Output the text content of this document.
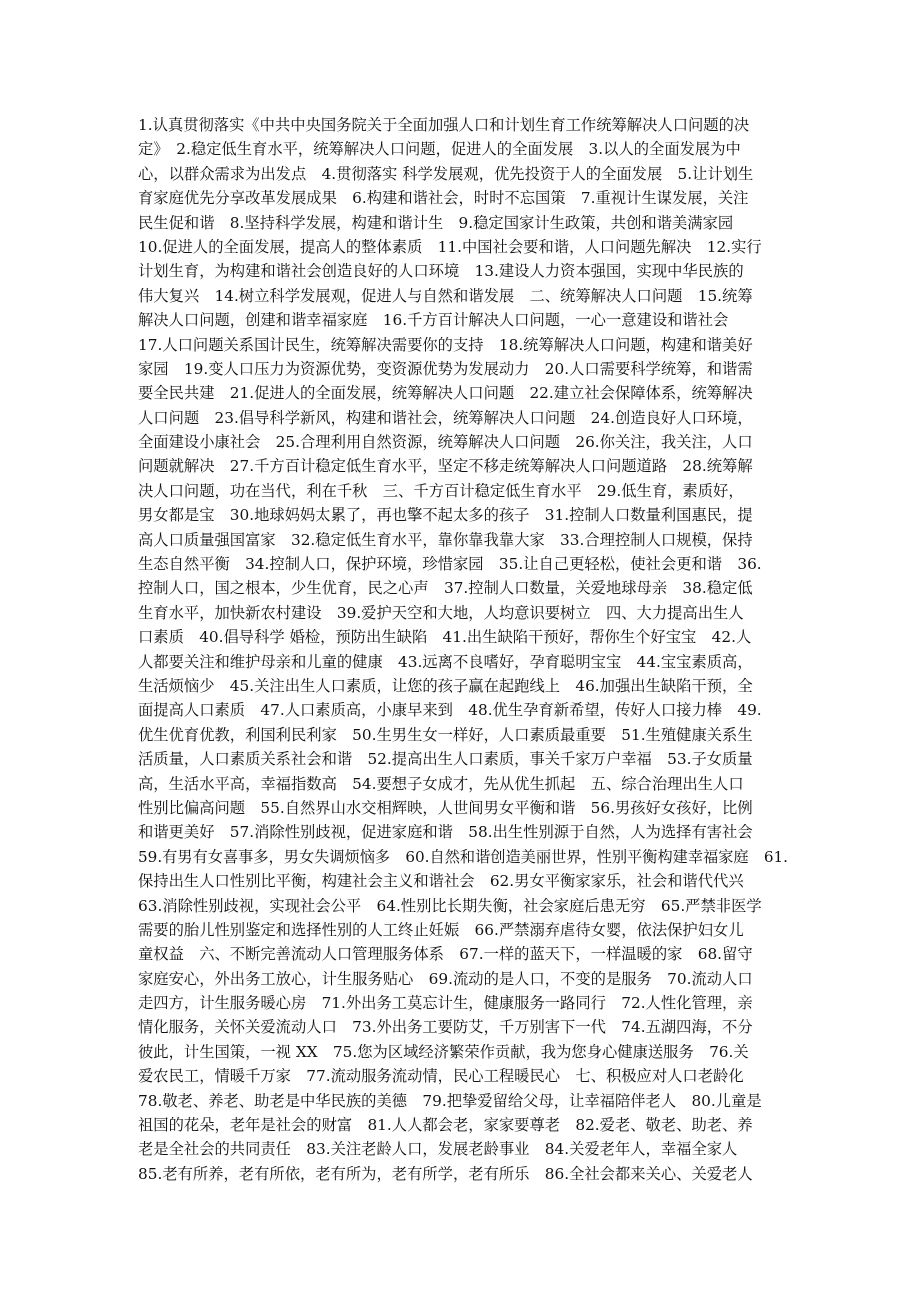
1.认真贯彻落实《中共中央国务院关于全面加强人口和计划生育工作统筹解决人口问题的决
定》　2.稳定低生育水平，统筹解决人口问题，促进人的全面发展　3.以人的全面发展为中
心，以群众需求为出发点　4.贯彻落实 科学发展观，优先投资于人的全面发展　5.让计划生
育家庭优先分享改革发展成果　6.构建和谐社会，时时不忘国策　7.重视计生谋发展，关注
民生促和谐　8.坚持科学发展，构建和谐计生　9.稳定国家计生政策，共创和谐美满家园
10.促进人的全面发展，提高人的整体素质　11.中国社会要和谐，人口问题先解决　12.实行
计划生育，为构建和谐社会创造良好的人口环境　13.建设人力资本强国，实现中华民族的
伟大复兴　14.树立科学发展观，促进人与自然和谐发展　二、统筹解决人口问题　15.统筹
解决人口问题，创建和谐幸福家庭　16.千方百计解决人口问题，一心一意建设和谐社会
17.人口问题关系国计民生，统筹解决需要你的支持　18.统筹解决人口问题，构建和谐美好
家园　19.变人口压力为资源优势，变资源优势为发展动力　20.人口需要科学统筹，和谐需
要全民共建　21.促进人的全面发展，统筹解决人口问题　22.建立社会保障体系，统筹解决
人口问题　23.倡导科学新风，构建和谐社会，统筹解决人口问题　24.创造良好人口环境，
全面建设小康社会　25.合理利用自然资源，统筹解决人口问题　26.你关注，我关注，人口
问题就解决　27.千方百计稳定低生育水平，坚定不移走统筹解决人口问题道路　28.统筹解
决人口问题，功在当代，利在千秋　三、千方百计稳定低生育水平　29.低生育，素质好，
男女都是宝　30.地球妈妈太累了，再也擎不起太多的孩子　31.控制人口数量利国惠民，提
高人口质量强国富家　32.稳定低生育水平，靠你靠我靠大家　33.合理控制人口规模，保持
生态自然平衡　34.控制人口，保护环境，珍惜家园　35.让自己更轻松，使社会更和谐　36.
控制人口，国之根本，少生优育，民之心声　37.控制人口数量，关爱地球母亲　38.稳定低
生育水平，加快新农村建设　39.爱护天空和大地，人均意识要树立　四、大力提高出生人
口素质　40.倡导科学 婚检，预防出生缺陷　41.出生缺陷干预好，帮你生个好宝宝　42.人
人都要关注和维护母亲和儿童的健康　43.远离不良嗜好，孕育聪明宝宝　44.宝宝素质高，
生活烦恼少　45.关注出生人口素质，让您的孩子赢在起跑线上　46.加强出生缺陷干预，全
面提高人口素质　47.人口素质高，小康早来到　48.优生孕育新希望，传好人口接力棒　49.
优生优育优教，利国利民利家　50.生男生女一样好，人口素质最重要　51.生殖健康关系生
活质量，人口素质关系社会和谐　52.提高出生人口素质，事关千家万户幸福　53.子女质量
高，生活水平高，幸福指数高　54.要想子女成才，先从优生抓起　五、综合治理出生人口
性别比偏高问题　55.自然界山水交相辉映，人世间男女平衡和谐　56.男孩好女孩好，比例
和谐更美好　57.消除性别歧视，促进家庭和谐　58.出生性别源于自然，人为选择有害社会
59.有男有女喜事多，男女失调烦恼多　60.自然和谐创造美丽世界，性别平衡构建幸福家庭　61.
保持出生人口性别比平衡，构建社会主义和谐社会　62.男女平衡家家乐，社会和谐代代兴
63.消除性别歧视，实现社会公平　64.性别比长期失衡，社会家庭后患无穷　65.严禁非医学
需要的胎儿性别鉴定和选择性别的人工终止妊娠　66.严禁溺弃虐待女婴，依法保护妇女儿
童权益　六、不断完善流动人口管理服务体系　67.一样的蓝天下，一样温暖的家　68.留守
家庭安心，外出务工放心，计生服务贴心　69.流动的是人口，不变的是服务　70.流动人口
走四方，计生服务暖心房　71.外出务工莫忘计生，健康服务一路同行　72.人性化管理，亲
情化服务，关怀关爱流动人口　73.外出务工要防艾，千万别害下一代　74.五湖四海，不分
彼此，计生国策，一视 XX　75.您为区域经济繁荣作贡献，我为您身心健康送服务　76.关
爱农民工，情暖千万家　77.流动服务流动情，民心工程暖民心　七、积极应对人口老龄化
78.敬老、养老、助老是中华民族的美德　79.把挚爱留给父母，让幸福陪伴老人　80.儿童是
祖国的花朵，老年是社会的财富　81.人人都会老，家家要尊老　82.爱老、敬老、助老、养
老是全社会的共同责任　83.关注老龄人口，发展老龄事业　84.关爱老年人，幸福全家人
85.老有所养，老有所依，老有所为，老有所学，老有所乐　86.全社会都来关心、关爱老人
